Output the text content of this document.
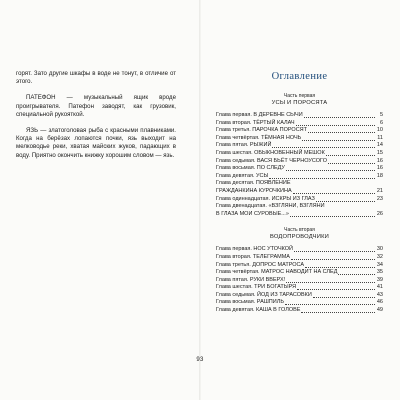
горят. Зато другие шкафы в воде не тонут, в отличие от этого.

ПАТЕФОН — музыкальный ящик вроде проигрывателя. Патефон заводят, как грузовик, специальной рукояткой.

ЯЗЬ — златоголовая рыба с красными плавниками. Когда на берёзах лопаются почки, язь выходит на мелководье реки, хватая майских жуков, падающих в воду. Приятно окончить книжку хорошим словом — язь.

Оглавление
Часть первая
УСЫ И ПОРОСЯТА
Глава первая. В ДЕРЕВНЕ СЫЧИ	5
Глава вторая. ТЁРТЫЙ КАЛАЧ	6
Глава третья. ПАРОЧКА ПОРОСЯТ	10
Глава четвёртая. ТЁМНАЯ НОЧЬ	11
Глава пятая. РЫЖИЙ	14
Глава шестая. ОБЫКНОВЕННЫЙ МЕШОК	15
Глава седьмая. ВАСЯ БЬЁТ ЧЕРНОУСОГО	16
Глава восьмая. ПО СЛЕДУ	16
Глава девятая. УСЫ	18
Глава десятая. ПОЯВЛЕНИЕ
ГРАЖДАНКИНА КУРОЧКИНА	21
Глава одиннадцатая. ИСКРЫ ИЗ ГЛАЗ	23
Глава двенадцатая. «ВЗГЛЯНИ, ВЗГЛЯНИ
В ГЛАЗА МОИ СУРОВЫЕ...»	26
Часть вторая
ВОДОПРОВОДЧИКИ
Глава первая. НОС УТОЧКОЙ	30
Глава вторая. ТЕЛЕГРАММА	32
Глава третья. ДОПРОС МАТРОСА	34
Глава четвёртая. МАТРОС НАВОДИТ НА СЛЕД	35
Глава пятая. РУКИ ВВЕРХ!	39
Глава шестая. ТРИ БОГАТЫРЯ	41
Глава седьмая. ЙОД ИЗ ТАРАСОВКИ	43
Глава восьмая. РАШПИЛЬ	46
Глава девятая. КАША В ГОЛОВЕ	49
93
